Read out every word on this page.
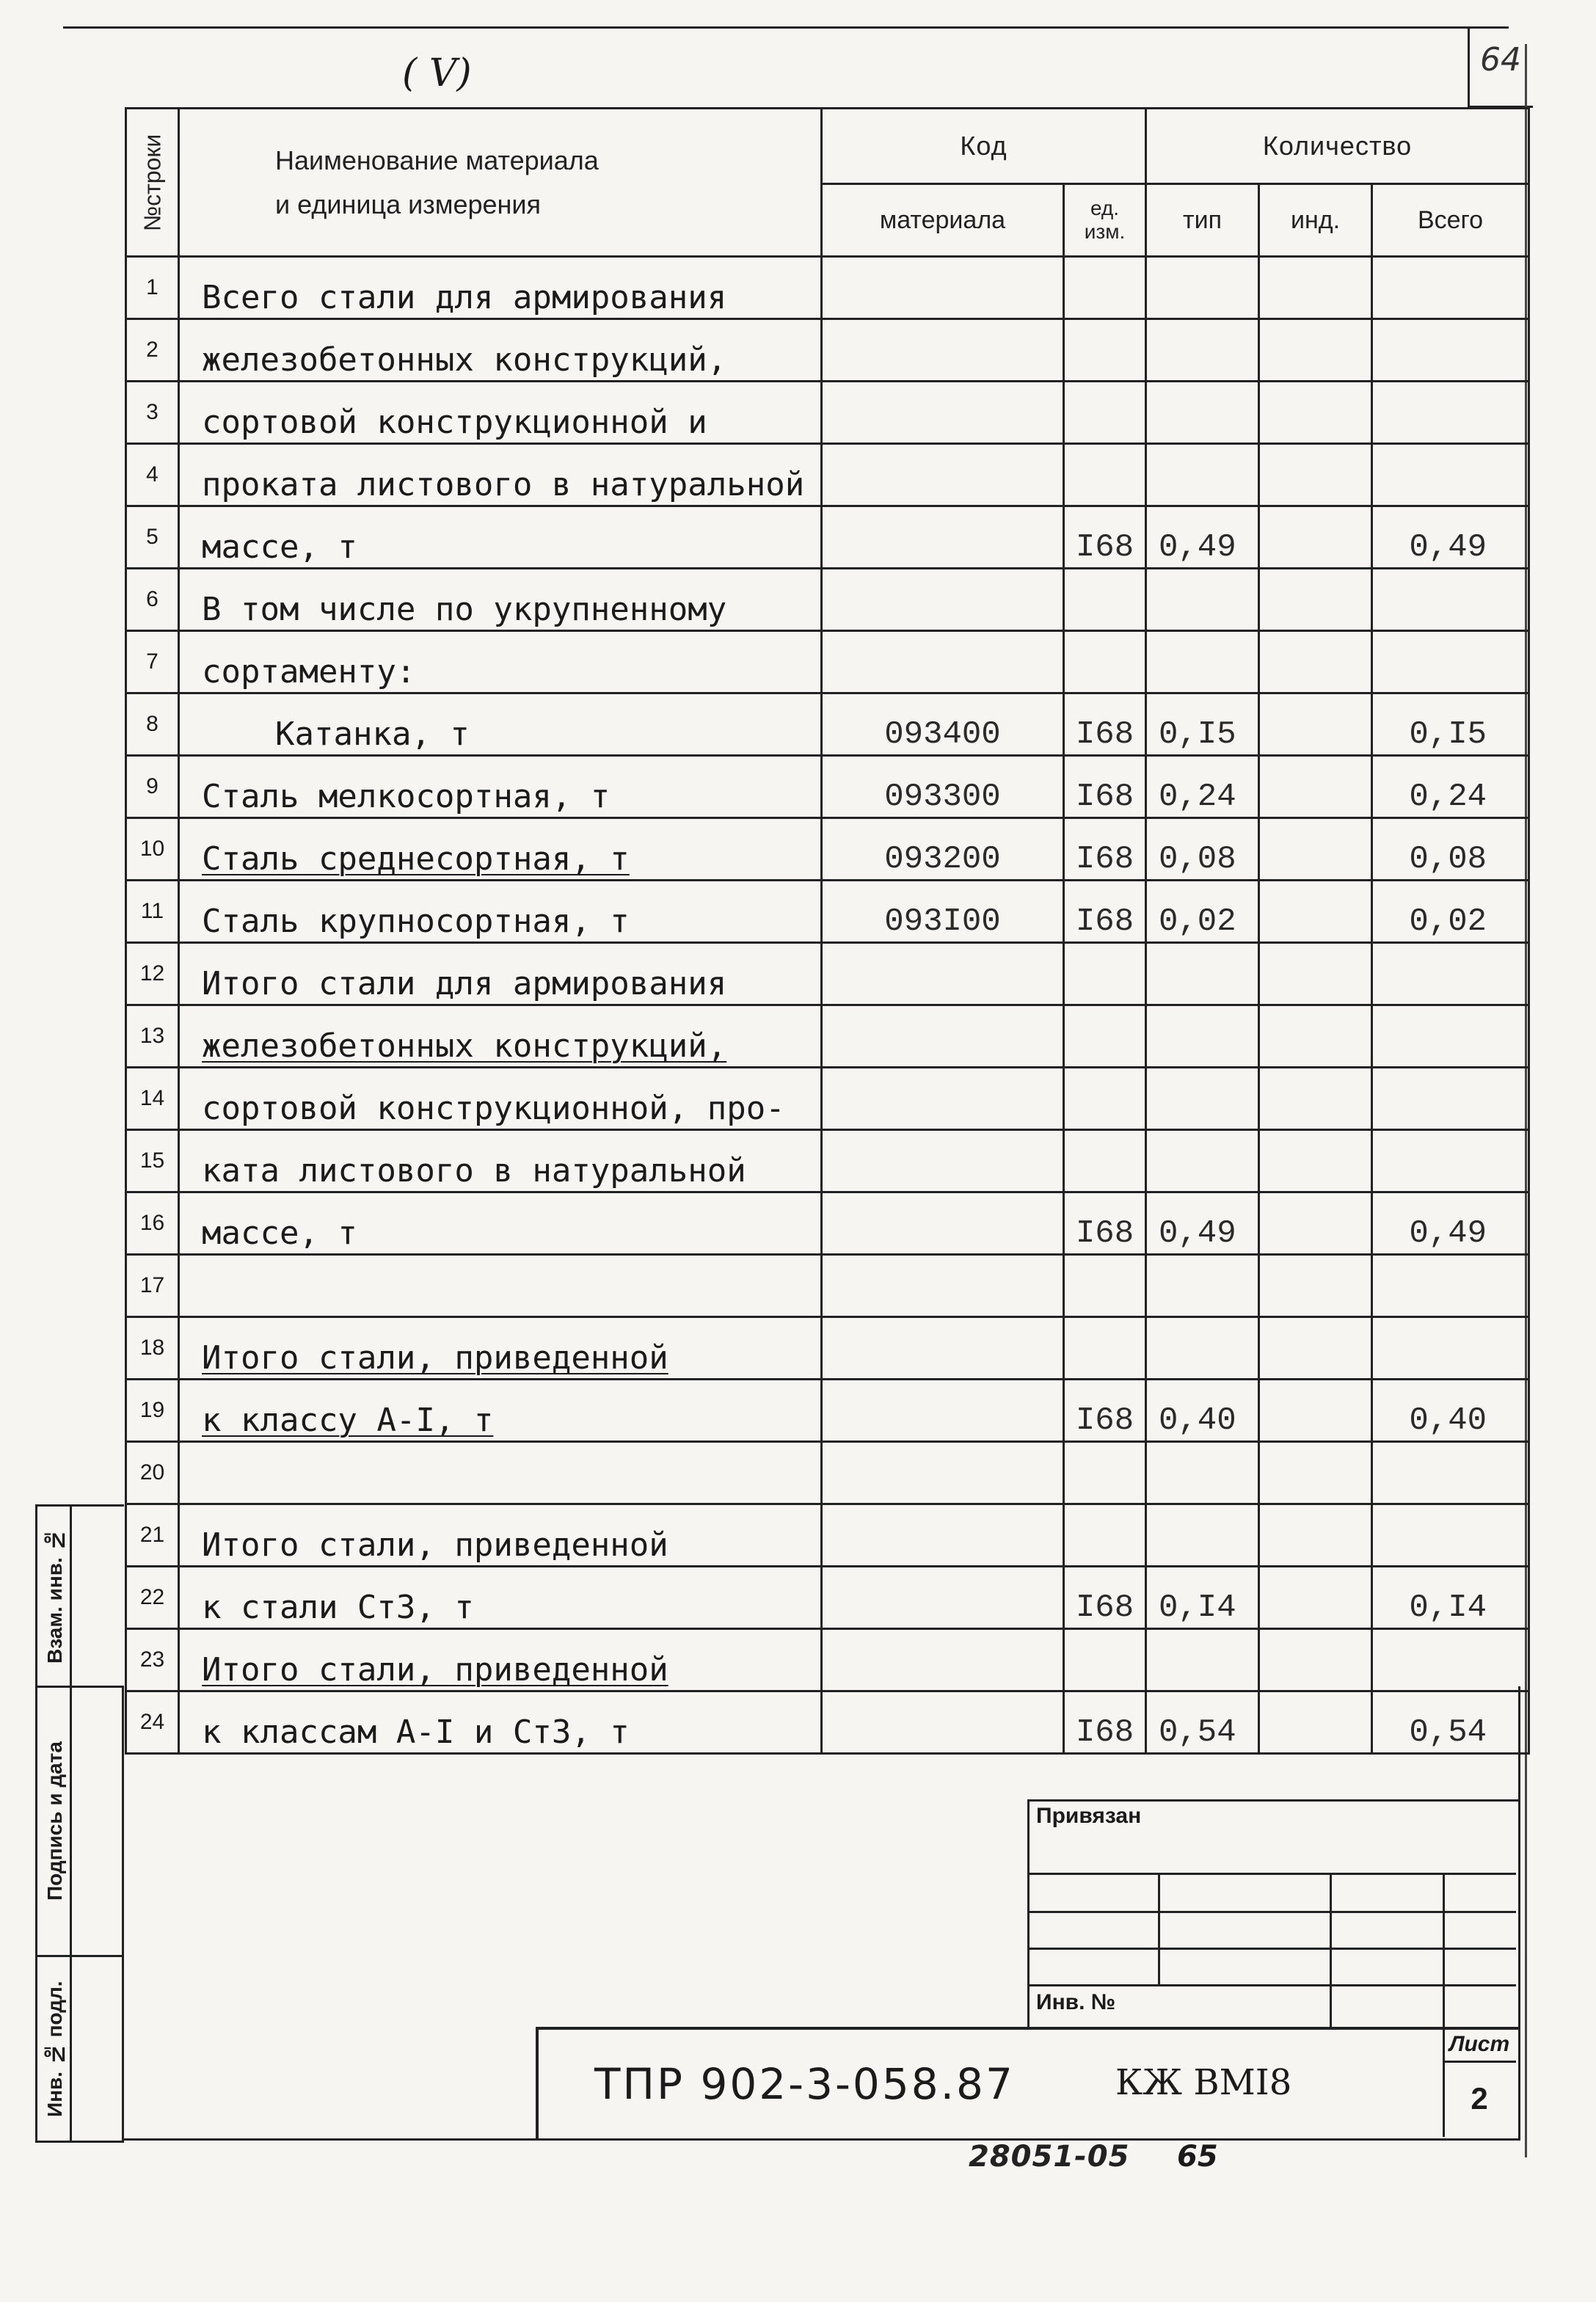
64
( V)
№строки	Наименование материала
и единица измерения	Код		Количество		
		материала	ед.
изм.	тип	инд.	Всего
1	Всего стали для армирования					
2	железобетонных конструкций,					
3	сортовой конструкционной и					
4	проката листового в натуральной					
5	массе, т		I68	0,49		0,49
6	В том числе по укрупненному					
7	сортаменту:					
8	Катанка, т	093400	I68	0,I5		0,I5
9	Сталь мелкосортная, т	093300	I68	0,24		0,24
10	Сталь среднесортная, т	093200	I68	0,08		0,08
11	Сталь крупносортная, т	093I00	I68	0,02		0,02
12	Итого стали для армирования					
13	железобетонных конструкций,					
14	сортовой конструкционной, про-					
15	ката листового в натуральной					
16	массе, т		I68	0,49		0,49
17						
18	Итого стали, приведенной					
19	к классу А-I, т		I68	0,40		0,40
20						
21	Итого стали, приведенной					
22	к стали Ст3, т		I68	0,I4		0,I4
23	Итого стали, приведенной					
24	к классам А-I и Ст3, т		I68	0,54		0,54
Взам. инв. №
Подпись и дата
Инв. № подл.
Привязан
Инв. №
ТПР 902-3-058.87	КЖ ВМI8
Лист
2
28051-05 65
